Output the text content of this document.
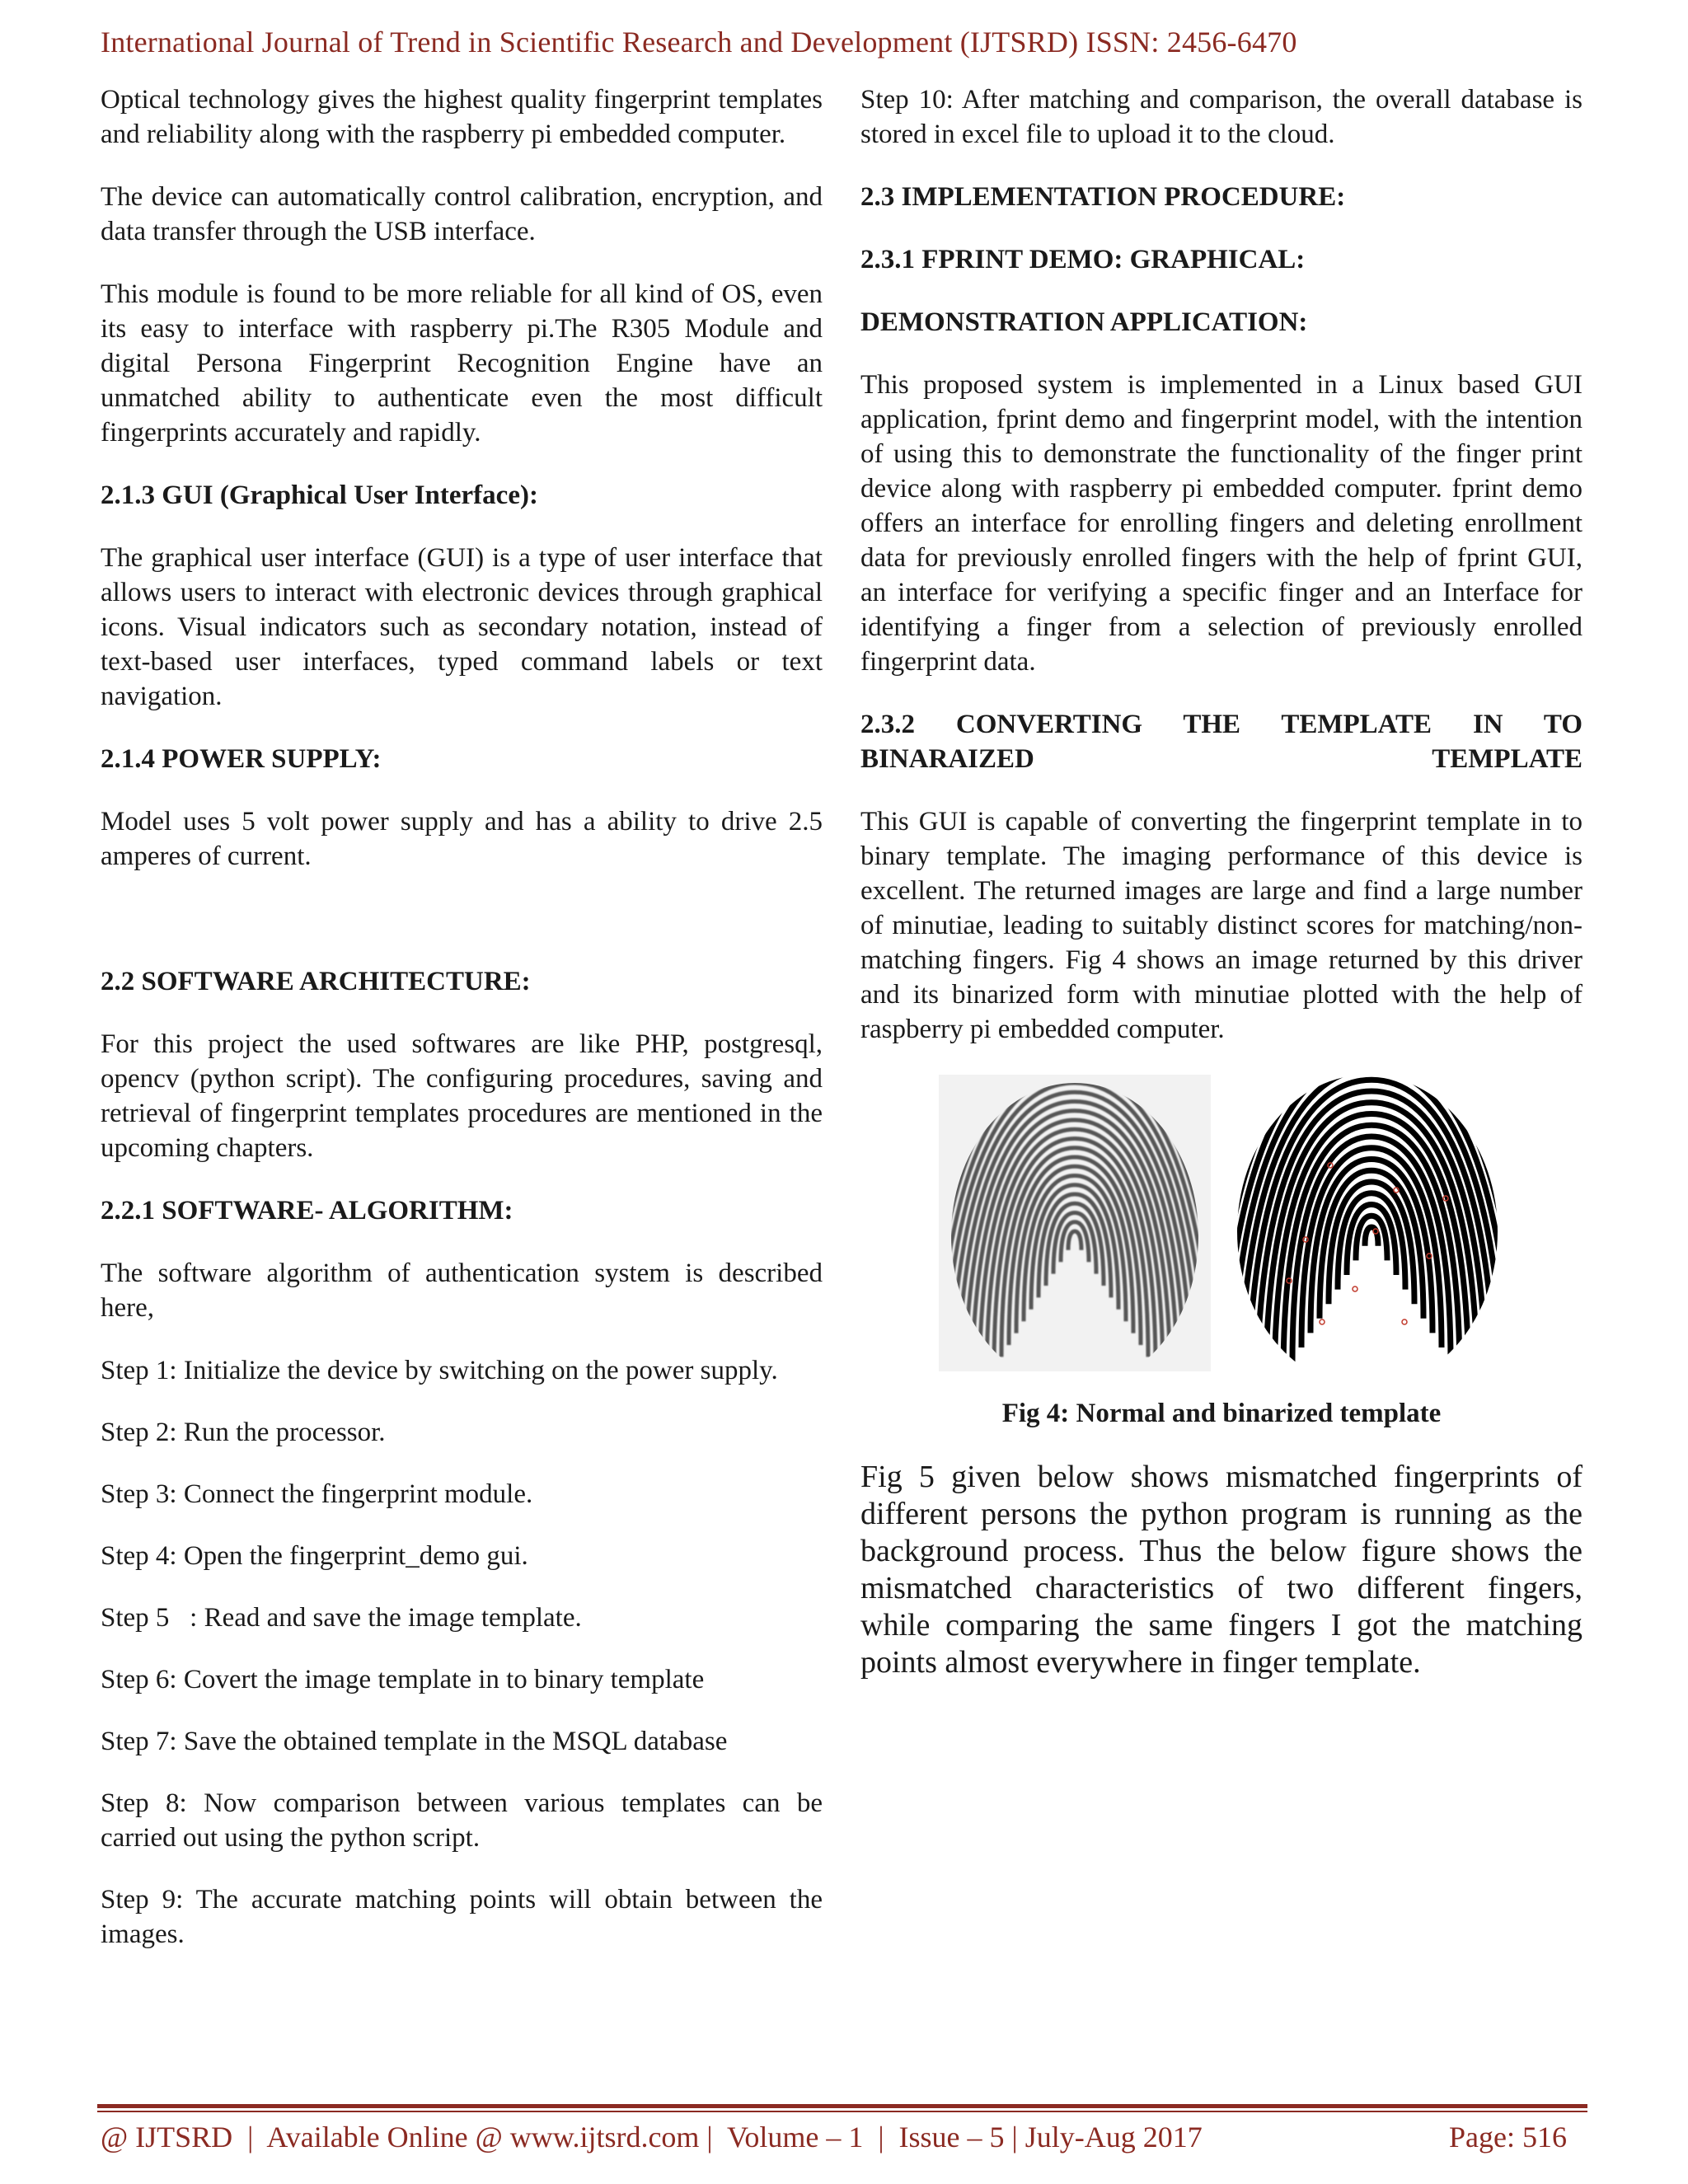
International Journal of Trend in Scientific Research and Development (IJTSRD) ISSN: 2456-6470

Optical technology gives the highest quality fingerprint templates and reliability along with the raspberry pi embedded computer.

The device can automatically control calibration, encryption, and data transfer through the USB interface.

This module is found to be more reliable for all kind of OS, even its easy to interface with raspberry pi.The R305 Module and digital Persona Fingerprint Recognition Engine have an unmatched ability to authenticate even the most difficult fingerprints accurately and rapidly.

2.1.3 GUI (Graphical User Interface):

The graphical user interface (GUI) is a type of user interface that allows users to interact with electronic devices through graphical icons. Visual indicators such as secondary notation, instead of text-based user interfaces, typed command labels or text navigation.

2.1.4 POWER SUPPLY:

Model uses 5 volt power supply and has a ability to drive 2.5 amperes of current.

2.2 SOFTWARE ARCHITECTURE:

For this project the used softwares are like PHP, postgresql, opencv (python script). The configuring procedures, saving and retrieval of fingerprint templates procedures are mentioned in the upcoming chapters.

2.2.1 SOFTWARE- ALGORITHM:

The software algorithm of authentication system is described here,

Step 1: Initialize the device by switching on the power supply.

Step 2: Run the processor.

Step 3: Connect the fingerprint module.

Step 4: Open the fingerprint_demo gui.

Step 5   : Read and save the image template.

Step 6: Covert the image template in to binary template

Step 7: Save the obtained template in the MSQL database

Step 8: Now comparison between various templates can be carried out using the python script.

Step 9: The accurate matching points will obtain between the images.

Step 10: After matching and comparison, the overall database is stored in excel file to upload it to the cloud.

2.3 IMPLEMENTATION PROCEDURE:
2.3.1 FPRINT DEMO: GRAPHICAL:
DEMONSTRATION APPLICATION:

This proposed system is implemented in a Linux based GUI application, fprint demo and fingerprint model, with the intention of using this to demonstrate the functionality of the finger print device along with raspberry pi embedded computer. fprint demo offers an interface for enrolling fingers and deleting enrollment data for previously enrolled fingers with the help of fprint GUI, an interface for verifying a specific finger and an Interface for identifying a finger from a selection of previously enrolled fingerprint data.

2.3.2 CONVERTING THE TEMPLATE IN TO BINARAIZED TEMPLATE

This GUI is capable of converting the fingerprint template in to binary template. The imaging performance of this device is excellent. The returned images are large and find a large number of minutiae, leading to suitably distinct scores for matching/non-matching fingers. Fig 4 shows an image returned by this driver and its binarized form with minutiae plotted with the help of raspberry pi embedded computer.

Fig 4: Normal and binarized template

Fig 5 given below shows mismatched fingerprints of different persons the python program is running as the background process. Thus the below figure shows the mismatched characteristics of two different fingers, while comparing the same fingers I got the matching points almost everywhere in finger template.

@ IJTSRD  |  Available Online @ www.ijtsrd.com |  Volume – 1  |  Issue – 5 | July-Aug 2017	Page: 516
